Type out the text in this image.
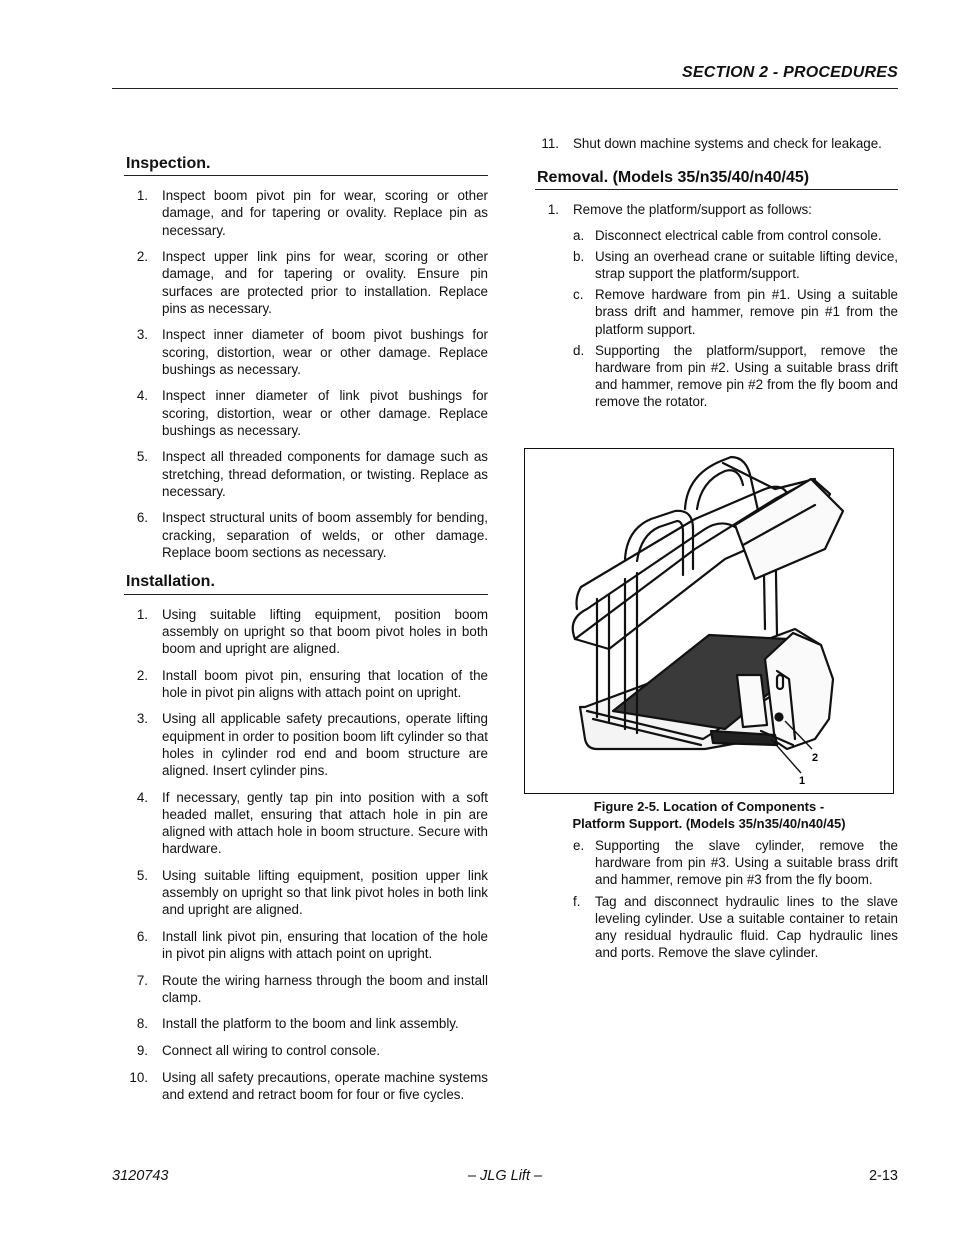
SECTION 2 - PROCEDURES
Inspection.
1. Inspect boom pivot pin for wear, scoring or other damage, and for tapering or ovality. Replace pin as necessary.
2. Inspect upper link pins for wear, scoring or other damage, and for tapering or ovality. Ensure pin surfaces are protected prior to installation. Replace pins as necessary.
3. Inspect inner diameter of boom pivot bushings for scoring, distortion, wear or other damage. Replace bushings as necessary.
4. Inspect inner diameter of link pivot bushings for scoring, distortion, wear or other damage. Replace bushings as necessary.
5. Inspect all threaded components for damage such as stretching, thread deformation, or twisting. Replace as necessary.
6. Inspect structural units of boom assembly for bending, cracking, separation of welds, or other damage. Replace boom sections as necessary.
Installation.
1. Using suitable lifting equipment, position boom assembly on upright so that boom pivot holes in both boom and upright are aligned.
2. Install boom pivot pin, ensuring that location of the hole in pivot pin aligns with attach point on upright.
3. Using all applicable safety precautions, operate lifting equipment in order to position boom lift cylinder so that holes in cylinder rod end and boom structure are aligned. Insert cylinder pins.
4. If necessary, gently tap pin into position with a soft headed mallet, ensuring that attach hole in pin are aligned with attach hole in boom structure. Secure with hardware.
5. Using suitable lifting equipment, position upper link assembly on upright so that link pivot holes in both link and upright are aligned.
6. Install link pivot pin, ensuring that location of the hole in pivot pin aligns with attach point on upright.
7. Route the wiring harness through the boom and install clamp.
8. Install the platform to the boom and link assembly.
9. Connect all wiring to control console.
10. Using all safety precautions, operate machine systems and extend and retract boom for four or five cycles.
11. Shut down machine systems and check for leakage.
Removal. (Models 35/n35/40/n40/45)
1. Remove the platform/support as follows:
a. Disconnect electrical cable from control console.
b. Using an overhead crane or suitable lifting device, strap support the platform/support.
c. Remove hardware from pin #1. Using a suitable brass drift and hammer, remove pin #1 from the platform support.
d. Supporting the platform/support, remove the hardware from pin #2. Using a suitable brass drift and hammer, remove pin #2 from the fly boom and remove the rotator.
2
1
Figure 2-5. Location of Components -
Platform Support. (Models 35/n35/40/n40/45)
e. Supporting the slave cylinder, remove the hardware from pin #3. Using a suitable brass drift and hammer, remove pin #3 from the fly boom.
f. Tag and disconnect hydraulic lines to the slave leveling cylinder. Use a suitable container to retain any residual hydraulic fluid. Cap hydraulic lines and ports. Remove the slave cylinder.
3120743	– JLG Lift –	2-13
